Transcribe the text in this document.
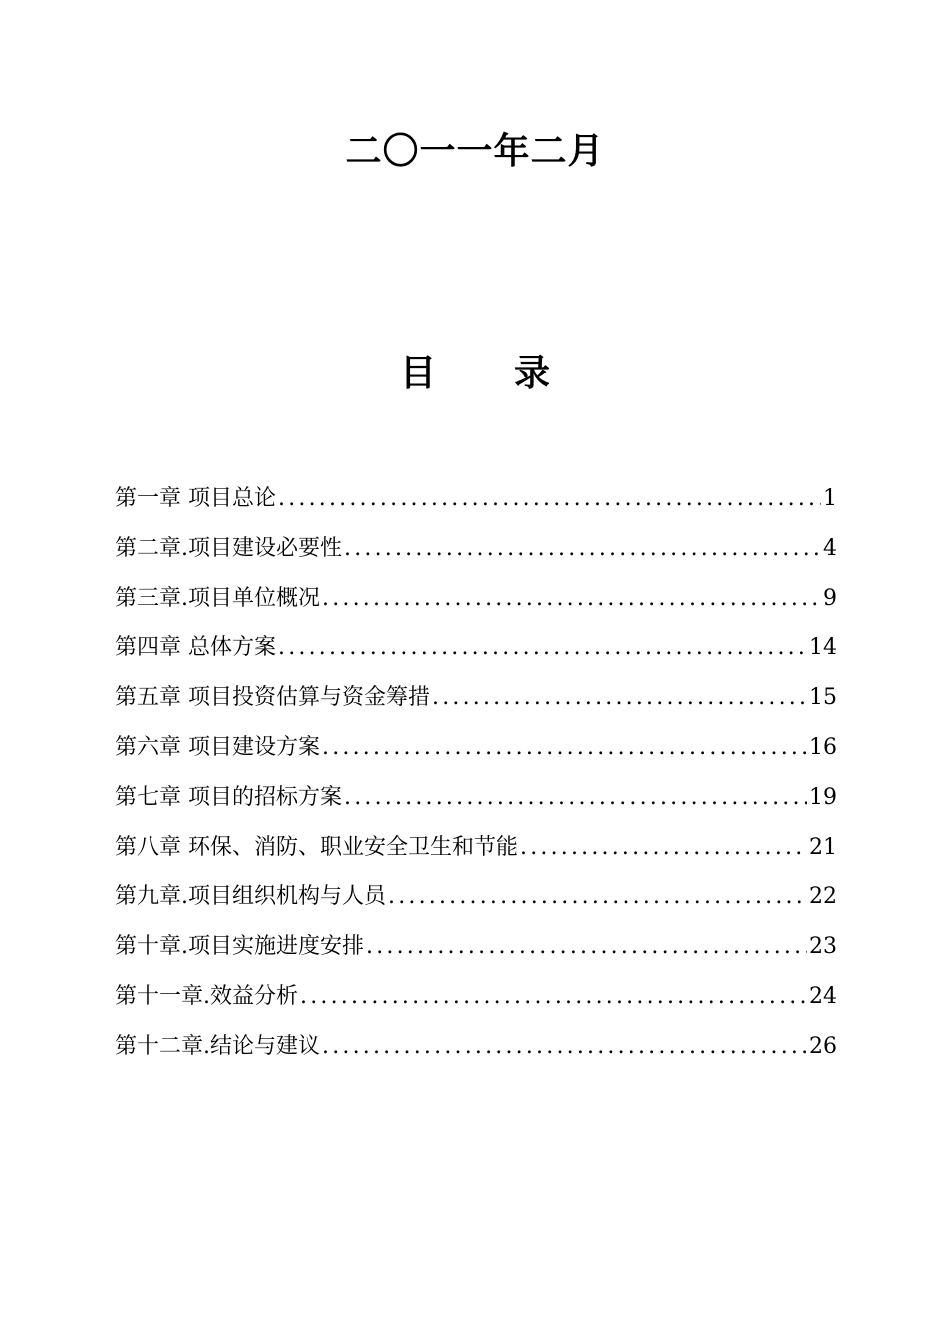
二〇一一年二月
目 录
第一章 项目总论 .....	1
第二章.项目建设必要性 .....	4
第三章.项目单位概况 .....	9
第四章 总体方案 .....	14
第五章 项目投资估算与资金筹措 .....	15
第六章 项目建设方案 .....	16
第七章 项目的招标方案 .....	19
第八章 环保、消防、职业安全卫生和节能 .....	21
第九章.项目组织机构与人员 .....	22
第十章.项目实施进度安排 .....	23
第十一章.效益分析 .....	24
第十二章.结论与建议 .....	26
